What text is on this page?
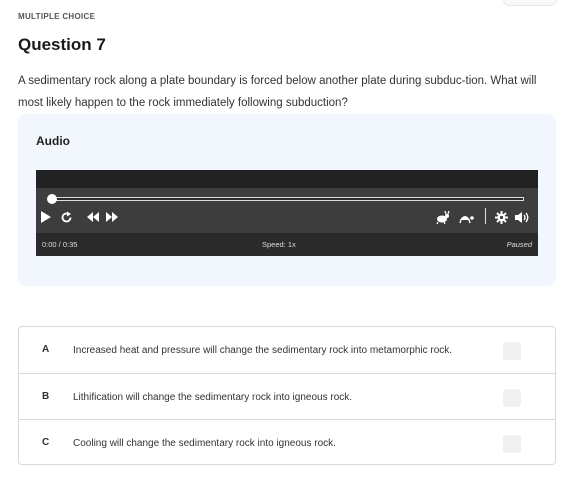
MULTIPLE CHOICE
Question 7
A sedimentary rock along a plate boundary is forced below another plate during subduc-tion. What will most likely happen to the rock immediately following subduction?
Audio
0:00 / 0:35	Speed: 1x	Paused
A Increased heat and pressure will change the sedimentary rock into metamorphic rock.
B Lithification will change the sedimentary rock into igneous rock.
C Cooling will change the sedimentary rock into igneous rock.
